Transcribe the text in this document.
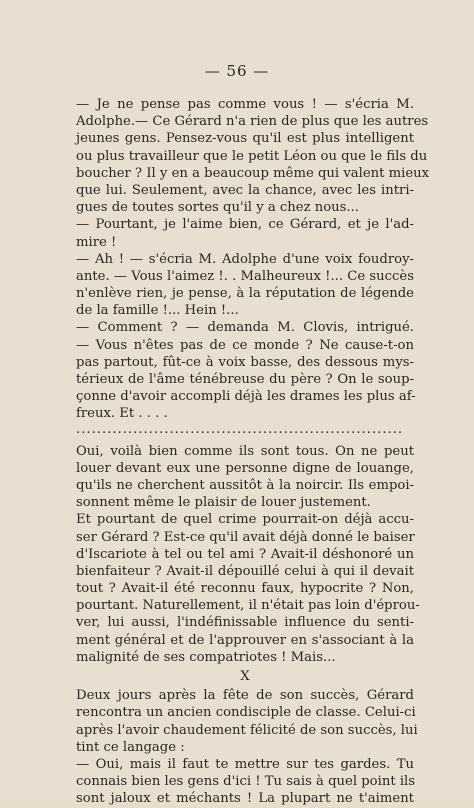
— 56 —
— Je ne pense pas comme vous ! — s'écria M.
Adolphe.— Ce Gérard n'a rien de plus que les autres
jeunes gens. Pensez-vous qu'il est plus intelligent
ou plus travailleur que le petit Léon ou que le fils du
boucher ? Il y en a beaucoup même qui valent mieux
que lui. Seulement, avec la chance, avec les intri-
gues de toutes sortes qu'il y a chez nous...
— Pourtant, je l'aime bien, ce Gérard, et je l'ad-
mire !
— Ah ! — s'écria M. Adolphe d'une voix foudroy-
ante. — Vous l'aimez !. . Malheureux !... Ce succès
n'enlève rien, je pense, à la réputation de légende
de la famille !... Hein !...
— Comment ? — demanda M. Clovis, intrigué.
— Vous n'êtes pas de ce monde ? Ne cause-t-on
pas partout, fût-ce à voix basse, des dessous mys-
térieux de l'âme ténébreuse du père ? On le soup-
çonne d'avoir accompli déjà les drames les plus af-
freux. Et . . . .
...............................................................
Oui, voilà bien comme ils sont tous. On ne peut
louer devant eux une personne digne de louange,
qu'ils ne cherchent aussitôt à la noircir. Ils empoi-
sonnent même le plaisir de louer justement.
Et pourtant de quel crime pourrait-on déjà accu-
ser Gérard ? Est-ce qu'il avait déjà donné le baiser
d'Iscariote à tel ou tel ami ? Avait-il déshonoré un
bienfaiteur ? Avait-il dépouillé celui à qui il devait
tout ? Avait-il été reconnu faux, hypocrite ? Non,
pourtant. Naturellement, il n'était pas loin d'éprou-
ver, lui aussi, l'indéfinissable influence du senti-
ment général et de l'approuver en s'associant à la
malignité de ses compatriotes ! Mais...
X
Deux jours après la fête de son succès, Gérard
rencontra un ancien condisciple de classe. Celui-ci
après l'avoir chaudement félicité de son succès, lui
tint ce langage :
— Oui, mais il faut te mettre sur tes gardes. Tu
connais bien les gens d'ici ! Tu sais à quel point ils
sont jaloux et méchants ! La plupart ne t'aiment
